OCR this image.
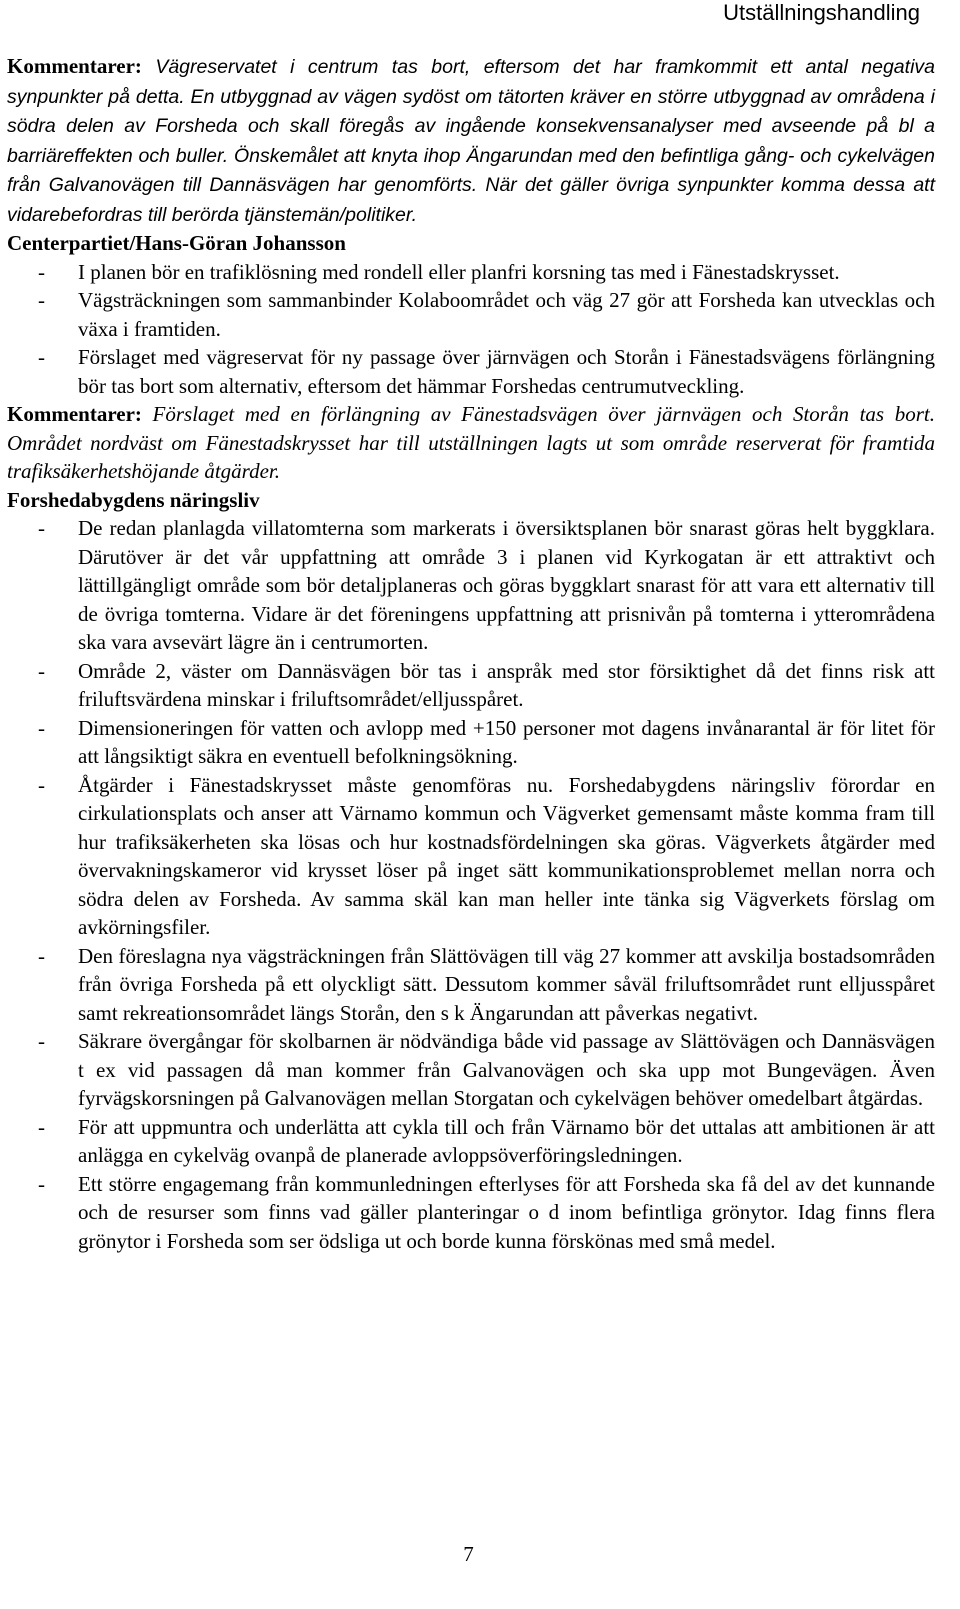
Utställningshandling

Kommentarer: Vägreservatet i centrum tas bort, eftersom det har framkommit ett antal negativa synpunkter på detta. En utbyggnad av vägen sydöst om tätorten kräver en större utbyggnad av områdena i södra delen av Forsheda och skall föregås av ingående konsekvensanalyser med avseende på bl a barriäreffekten och buller. Önskemålet att knyta ihop Ängarundan med den befintliga gång- och cykelvägen från Galvanovägen till Dannäsvägen har genomförts. När det gäller övriga synpunkter komma dessa att vidarebefordras till berörda tjänstemän/politiker.

Centerpartiet/Hans-Göran Johansson

- I planen bör en trafiklösning med rondell eller planfri korsning tas med i Fänestadskrysset.
- Vägsträckningen som sammanbinder Kolaboområdet och väg 27 gör att Forsheda kan utvecklas och växa i framtiden.
- Förslaget med vägreservat för ny passage över järnvägen och Storån i Fänestadsvägens förlängning bör tas bort som alternativ, eftersom det hämmar Forshedas centrumutveckling.

Kommentarer: Förslaget med en förlängning av Fänestadsvägen över järnvägen och Storån tas bort. Området nordväst om Fänestadskrysset har till utställningen lagts ut som område reserverat för framtida trafiksäkerhetshöjande åtgärder.

Forshedabygdens näringsliv

- De redan planlagda villatomterna som markerats i översiktsplanen bör snarast göras helt byggklara. Därutöver är det vår uppfattning att område 3 i planen vid Kyrkogatan är ett attraktivt och lättillgängligt område som bör detaljplaneras och göras byggklart snarast för att vara ett alternativ till de övriga tomterna. Vidare är det föreningens uppfattning att prisnivån på tomterna i ytterområdena ska vara avsevärt lägre än i centrumorten.
- Område 2, väster om Dannäsvägen bör tas i anspråk med stor försiktighet då det finns risk att friluftsvärdena minskar i friluftsområdet/elljusspåret.
- Dimensioneringen för vatten och avlopp med +150 personer mot dagens invånarantal är för litet för att långsiktigt säkra en eventuell befolkningsökning.
- Åtgärder i Fänestadskrysset måste genomföras nu. Forshedabygdens näringsliv förordar en cirkulationsplats och anser att Värnamo kommun och Vägverket gemensamt måste komma fram till hur trafiksäkerheten ska lösas och hur kostnadsfördelningen ska göras. Vägverkets åtgärder med övervakningskameror vid krysset löser på inget sätt kommunikationsproblemet mellan norra och södra delen av Forsheda. Av samma skäl kan man heller inte tänka sig Vägverkets förslag om avkörningsfiler.
- Den föreslagna nya vägsträckningen från Slättövägen till väg 27 kommer att avskilja bostadsområden från övriga Forsheda på ett olyckligt sätt. Dessutom kommer såväl friluftsområdet runt elljusspåret samt rekreationsområdet längs Storån, den s k Ängarundan att påverkas negativt.
- Säkrare övergångar för skolbarnen är nödvändiga både vid passage av Slättövägen och Dannäsvägen t ex vid passagen då man kommer från Galvanovägen och ska upp mot Bungevägen. Även fyrvägskorsningen på Galvanovägen mellan Storgatan och cykelvägen behöver omedelbart åtgärdas.
- För att uppmuntra och underlätta att cykla till och från Värnamo bör det uttalas att ambitionen är att anlägga en cykelväg ovanpå de planerade avloppsöverföringsledningen.
- Ett större engagemang från kommunledningen efterlyses för att Forsheda ska få del av det kunnande och de resurser som finns vad gäller planteringar o d inom befintliga grönytor. Idag finns flera grönytor i Forsheda som ser ödsliga ut och borde kunna förskönas med små medel.
7
